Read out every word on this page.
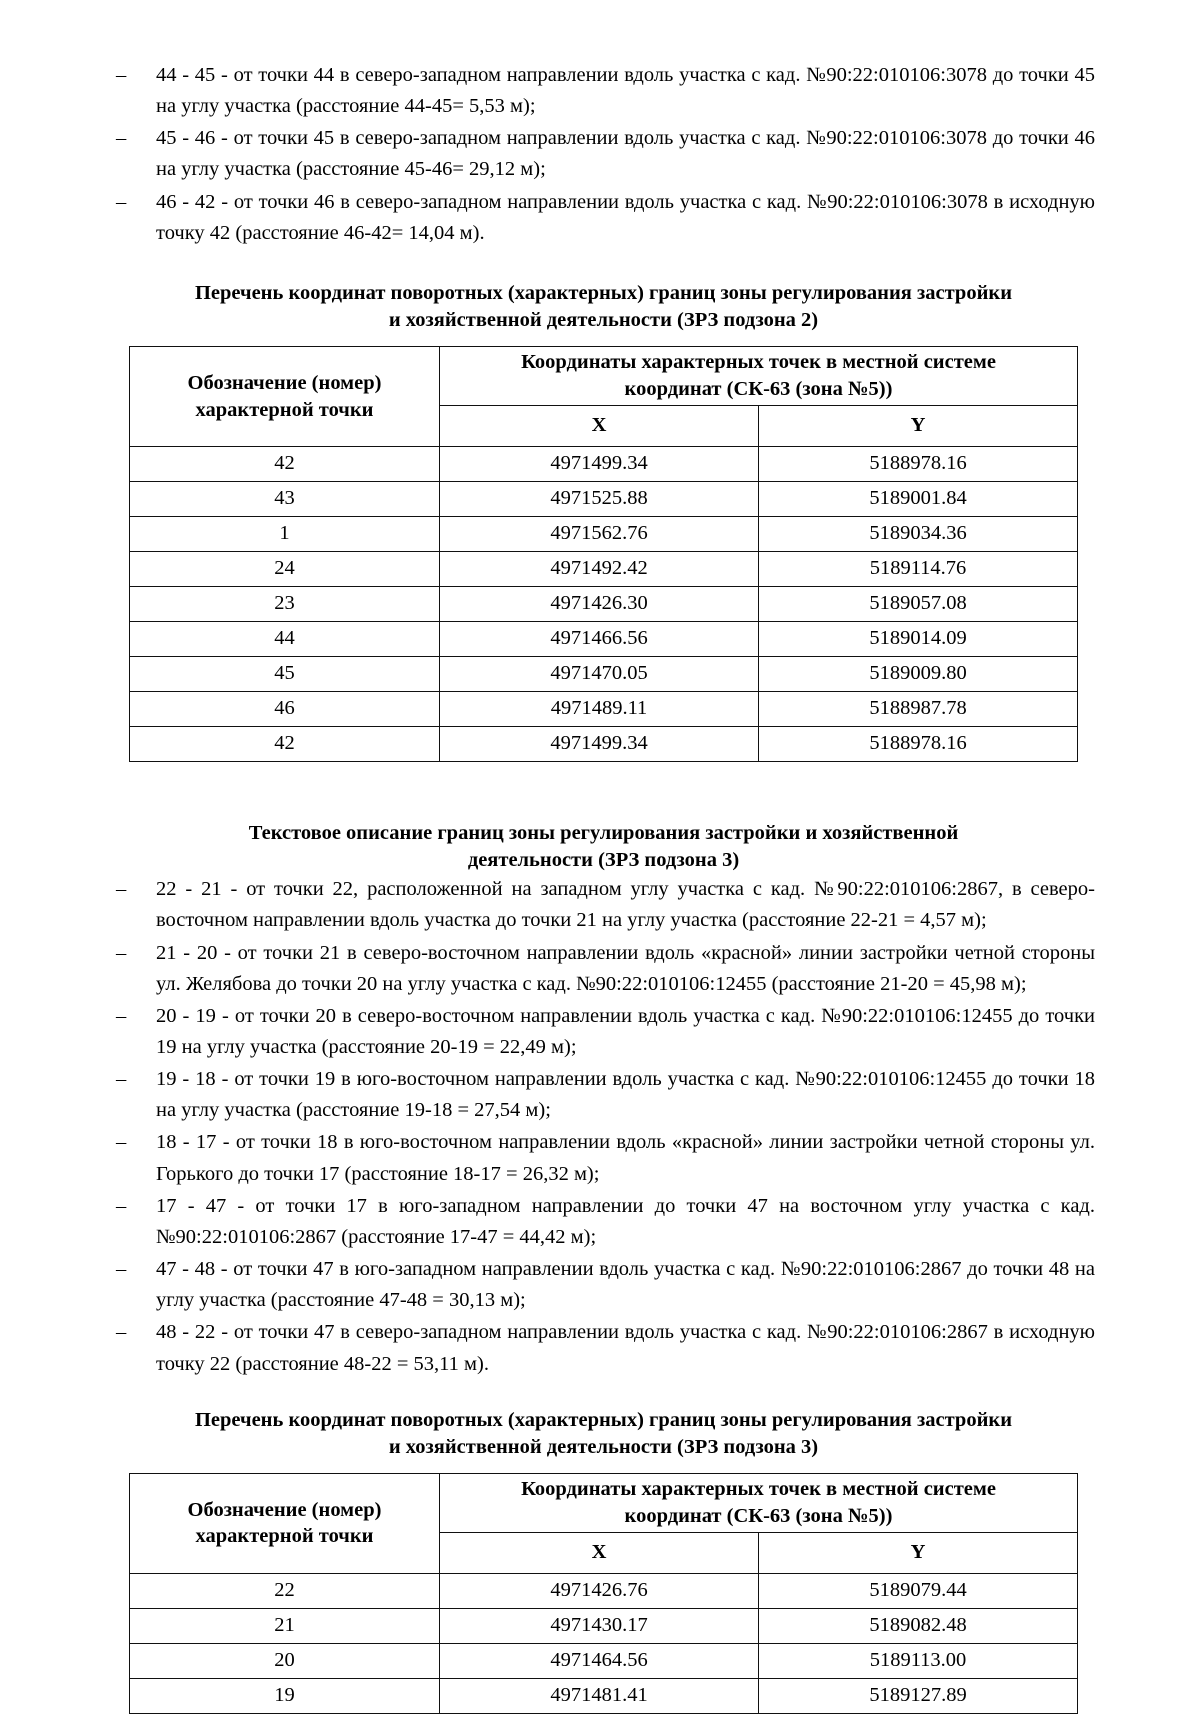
– 44 - 45 - от точки 44 в северо-западном направлении вдоль участка с кад. №90:22:010106:3078 до точки 45 на углу участка (расстояние 44-45= 5,53 м);
– 45 - 46 - от точки 45 в северо-западном направлении вдоль участка с кад. №90:22:010106:3078 до точки 46 на углу участка (расстояние 45-46= 29,12 м);
– 46 - 42 - от точки 46 в северо-западном направлении вдоль участка с кад. №90:22:010106:3078 в исходную точку 42 (расстояние 46-42= 14,04 м).
Перечень координат поворотных (характерных) границ зоны регулирования застройки
и хозяйственной деятельности (ЗРЗ подзона 2)
Обозначение (номер)
характерной точки	Координаты характерных точек в местной системе
координат (СК-63 (зона №5))	
	X	Y
42	4971499.34	5188978.16
43	4971525.88	5189001.84
1	4971562.76	5189034.36
24	4971492.42	5189114.76
23	4971426.30	5189057.08
44	4971466.56	5189014.09
45	4971470.05	5189009.80
46	4971489.11	5188987.78
42	4971499.34	5188978.16
Текстовое описание границ зоны регулирования застройки и хозяйственной
деятельности (ЗРЗ подзона 3)
– 22 - 21 - от точки 22, расположенной на западном углу участка с кад. №90:22:010106:2867, в северо-восточном направлении вдоль участка до точки 21 на углу участка (расстояние 22-21 = 4,57 м);
– 21 - 20 - от точки 21 в северо-восточном направлении вдоль «красной» линии застройки четной стороны ул. Желябова до точки 20 на углу участка с кад. №90:22:010106:12455 (расстояние 21-20 = 45,98 м);
– 20 - 19 - от точки 20 в северо-восточном направлении вдоль участка с кад. №90:22:010106:12455 до точки 19 на углу участка (расстояние 20-19 = 22,49 м);
– 19 - 18 - от точки 19 в юго-восточном направлении вдоль участка с кад. №90:22:010106:12455 до точки 18 на углу участка (расстояние 19-18 = 27,54 м);
– 18 - 17 - от точки 18 в юго-восточном направлении вдоль «красной» линии застройки четной стороны ул. Горького до точки 17 (расстояние 18-17 = 26,32 м);
– 17 - 47 - от точки 17 в юго-западном направлении до точки 47 на восточном углу участка с кад. №90:22:010106:2867 (расстояние 17-47 = 44,42 м);
– 47 - 48 - от точки 47 в юго-западном направлении вдоль участка с кад. №90:22:010106:2867 до точки 48 на углу участка (расстояние 47-48 = 30,13 м);
– 48 - 22 - от точки 47 в северо-западном направлении вдоль участка с кад. №90:22:010106:2867 в исходную точку 22 (расстояние 48-22 = 53,11 м).
Перечень координат поворотных (характерных) границ зоны регулирования застройки
и хозяйственной деятельности (ЗРЗ подзона 3)
Обозначение (номер)
характерной точки	Координаты характерных точек в местной системе
координат (СК-63 (зона №5))	
	X	Y
22	4971426.76	5189079.44
21	4971430.17	5189082.48
20	4971464.56	5189113.00
19	4971481.41	5189127.89
